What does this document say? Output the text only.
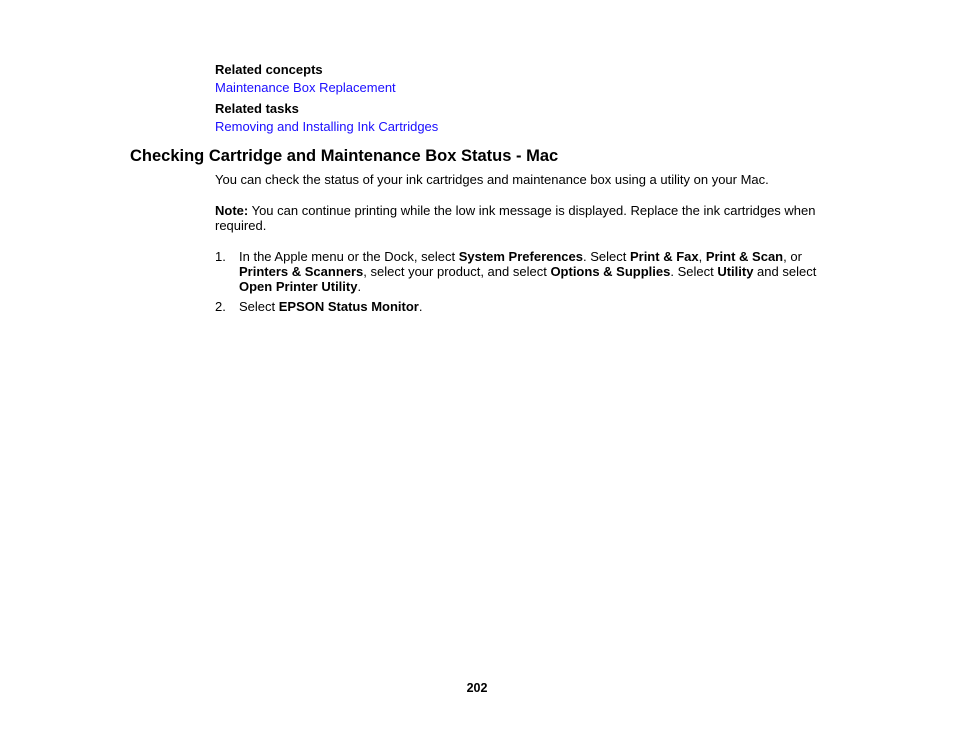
Related concepts
Maintenance Box Replacement
Related tasks
Removing and Installing Ink Cartridges
Checking Cartridge and Maintenance Box Status - Mac
You can check the status of your ink cartridges and maintenance box using a utility on your Mac.
Note: You can continue printing while the low ink message is displayed. Replace the ink cartridges when required.
1. In the Apple menu or the Dock, select System Preferences. Select Print & Fax, Print & Scan, or
Printers & Scanners, select your product, and select Options & Supplies. Select Utility and select
Open Printer Utility.
2. Select EPSON Status Monitor.
202
